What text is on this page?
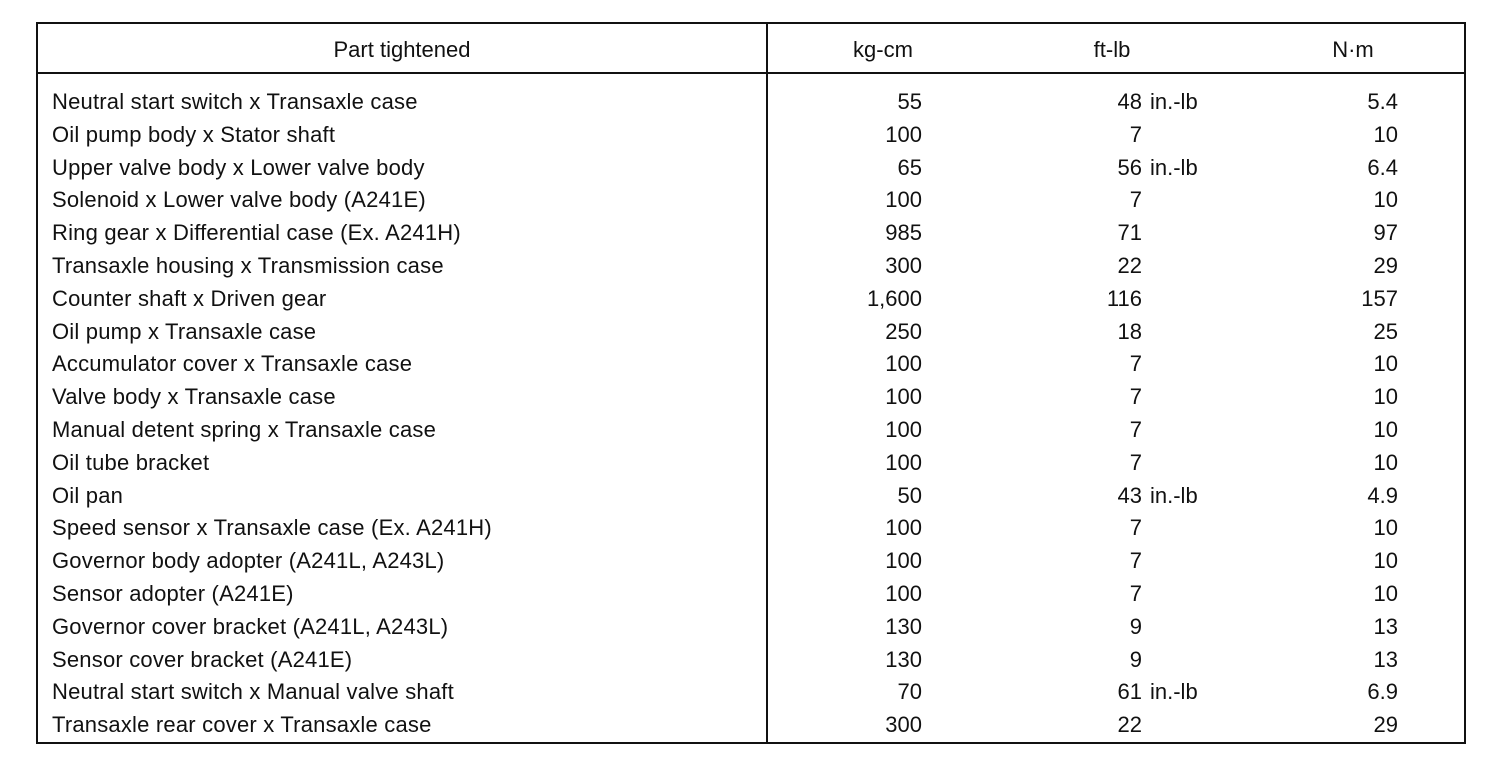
Part tightened	kg-cm	ft-lb	N·m
Neutral start switch x Transaxle case	55	48 in.-lb	5.4
Oil pump body x Stator shaft	100	7	10
Upper valve body x Lower valve body	65	56 in.-lb	6.4
Solenoid x Lower valve body (A241E)	100	7	10
Ring gear x Differential case (Ex. A241H)	985	71	97
Transaxle housing x Transmission case	300	22	29
Counter shaft x Driven gear	1,600	116	157
Oil pump x Transaxle case	250	18	25
Accumulator cover x Transaxle case	100	7	10
Valve body x Transaxle case	100	7	10
Manual detent spring x Transaxle case	100	7	10
Oil tube bracket	100	7	10
Oil pan	50	43 in.-lb	4.9
Speed sensor x Transaxle case (Ex. A241H)	100	7	10
Governor body adopter (A241L, A243L)	100	7	10
Sensor adopter (A241E)	100	7	10
Governor cover bracket (A241L, A243L)	130	9	13
Sensor cover bracket (A241E)	130	9	13
Neutral start switch x Manual valve shaft	70	61 in.-lb	6.9
Transaxle rear cover x Transaxle case	300	22	29
